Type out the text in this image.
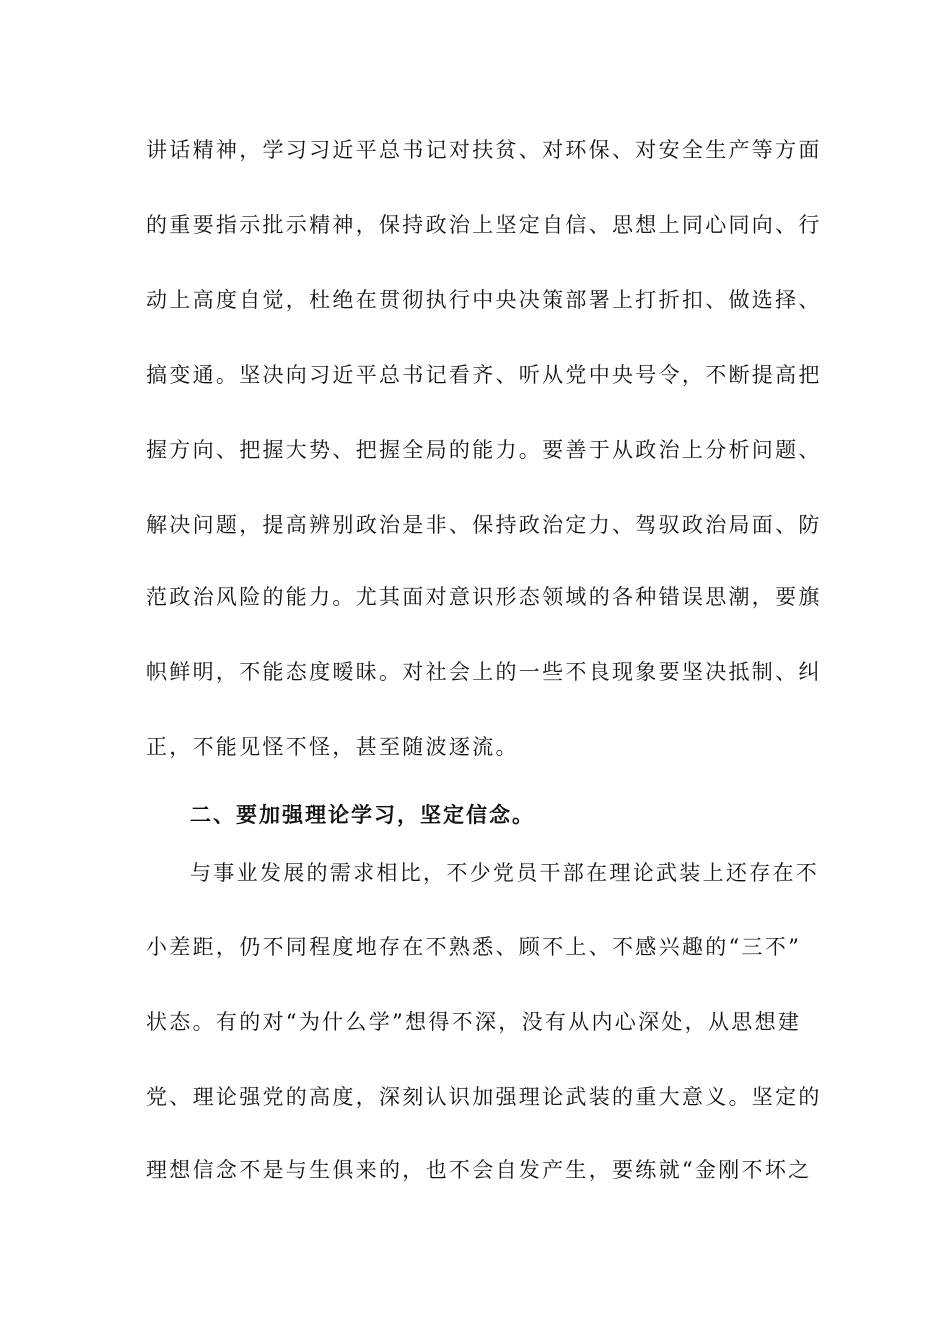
讲话精神，学习习近平总书记对扶贫、对环保、对安全生产等方面
的重要指示批示精神，保持政治上坚定自信、思想上同心同向、行
动上高度自觉，杜绝在贯彻执行中央决策部署上打折扣、做选择、
搞变通。坚决向习近平总书记看齐、听从党中央号令，不断提高把
握方向、把握大势、把握全局的能力。要善于从政治上分析问题、
解决问题，提高辨别政治是非、保持政治定力、驾驭政治局面、防
范政治风险的能力。尤其面对意识形态领域的各种错误思潮，要旗
帜鲜明，不能态度暧昧。对社会上的一些不良现象要坚决抵制、纠
正，不能见怪不怪，甚至随波逐流。
二、要加强理论学习，坚定信念。
与事业发展的需求相比，不少党员干部在理论武装上还存在不
小差距，仍不同程度地存在不熟悉、顾不上、不感兴趣的“三不”
状态。有的对“为什么学”想得不深，没有从内心深处，从思想建
党、理论强党的高度，深刻认识加强理论武装的重大意义。坚定的
理想信念不是与生俱来的，也不会自发产生，要练就“金刚不坏之
